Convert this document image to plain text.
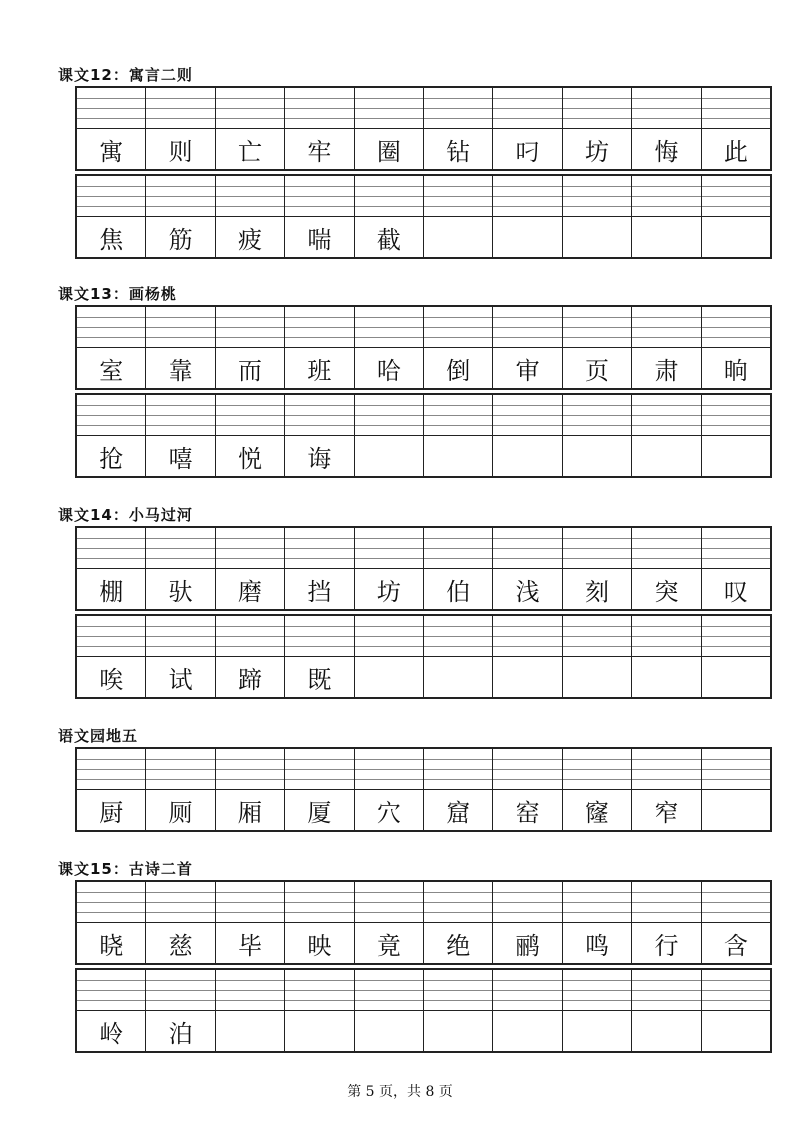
课文12：寓言二则
寓	则	亡	牢	圈	钻	叼	坊	悔	此
焦	筋	疲	喘	截
课文13：画杨桃
室	靠	而	班	哈	倒	审	页	肃	晌
抢	嘻	悦	诲
课文14：小马过河
棚	驮	磨	挡	坊	伯	浅	刻	突	叹
唉	试	蹄	既
语文园地五
厨	厕	厢	厦	穴	窟	窑	窿	窄
课文15：古诗二首
晓	慈	毕	映	竟	绝	鹂	鸣	行	含
岭	泊
第 5 页，共 8 页
